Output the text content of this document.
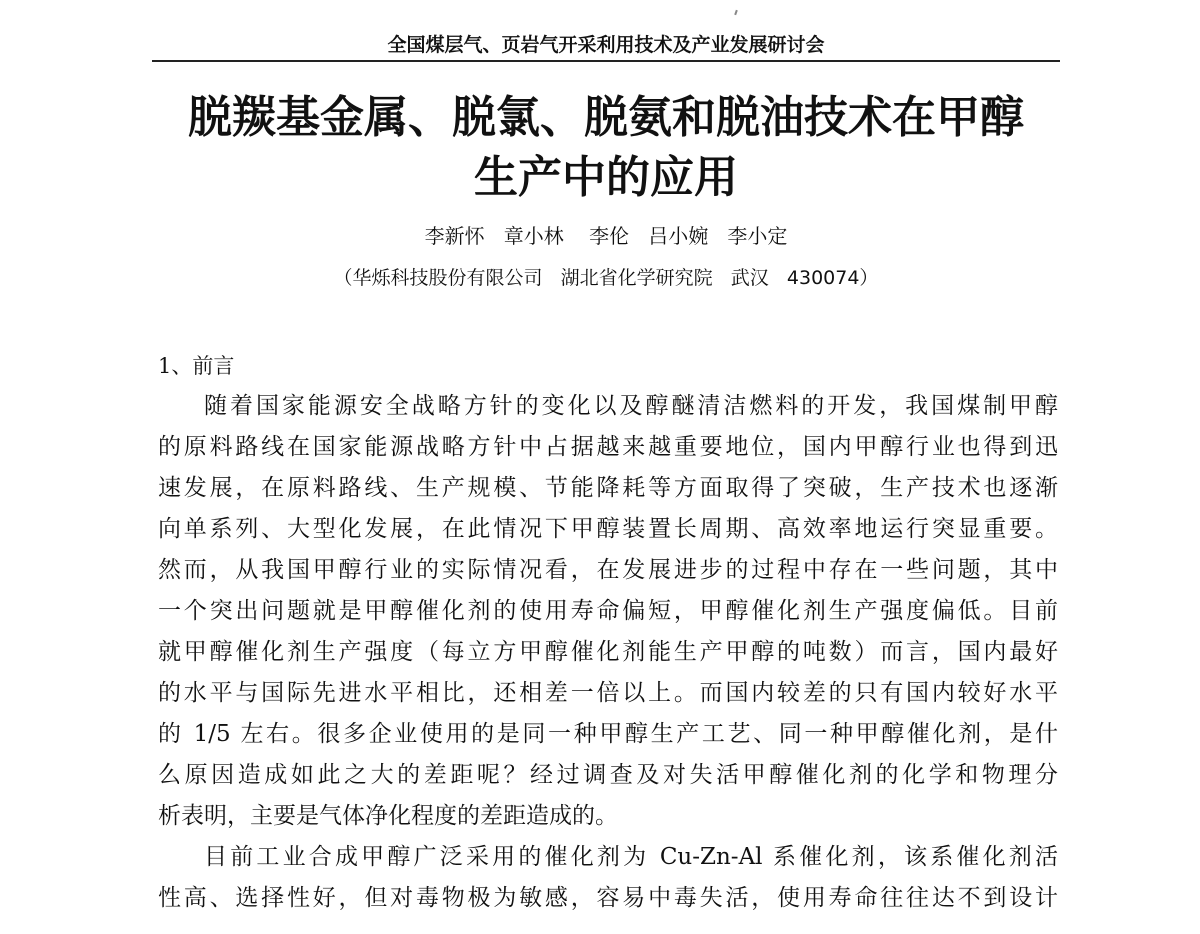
全国煤层气、页岩气开采利用技术及产业发展研讨会
脱羰基金属、脱氯、脱氨和脱油技术在甲醇
生产中的应用
李新怀   章小林    李伦   吕小婉   李小定
（华烁科技股份有限公司   湖北省化学研究院   武汉   430074）
1、前言
随着国家能源安全战略方针的变化以及醇醚清洁燃料的开发，我国煤制甲醇
的原料路线在国家能源战略方针中占据越来越重要地位，国内甲醇行业也得到迅
速发展，在原料路线、生产规模、节能降耗等方面取得了突破，生产技术也逐渐
向单系列、大型化发展，在此情况下甲醇装置长周期、高效率地运行突显重要。
然而，从我国甲醇行业的实际情况看，在发展进步的过程中存在一些问题，其中
一个突出问题就是甲醇催化剂的使用寿命偏短，甲醇催化剂生产强度偏低。目前
就甲醇催化剂生产强度（每立方甲醇催化剂能生产甲醇的吨数）而言，国内最好
的水平与国际先进水平相比，还相差一倍以上。而国内较差的只有国内较好水平
的 1/5 左右。很多企业使用的是同一种甲醇生产工艺、同一种甲醇催化剂，是什
么原因造成如此之大的差距呢？经过调查及对失活甲醇催化剂的化学和物理分
析表明，主要是气体净化程度的差距造成的。
目前工业合成甲醇广泛采用的催化剂为 Cu-Zn-Al 系催化剂，该系催化剂活
性高、选择性好，但对毒物极为敏感，容易中毒失活，使用寿命往往达不到设计
